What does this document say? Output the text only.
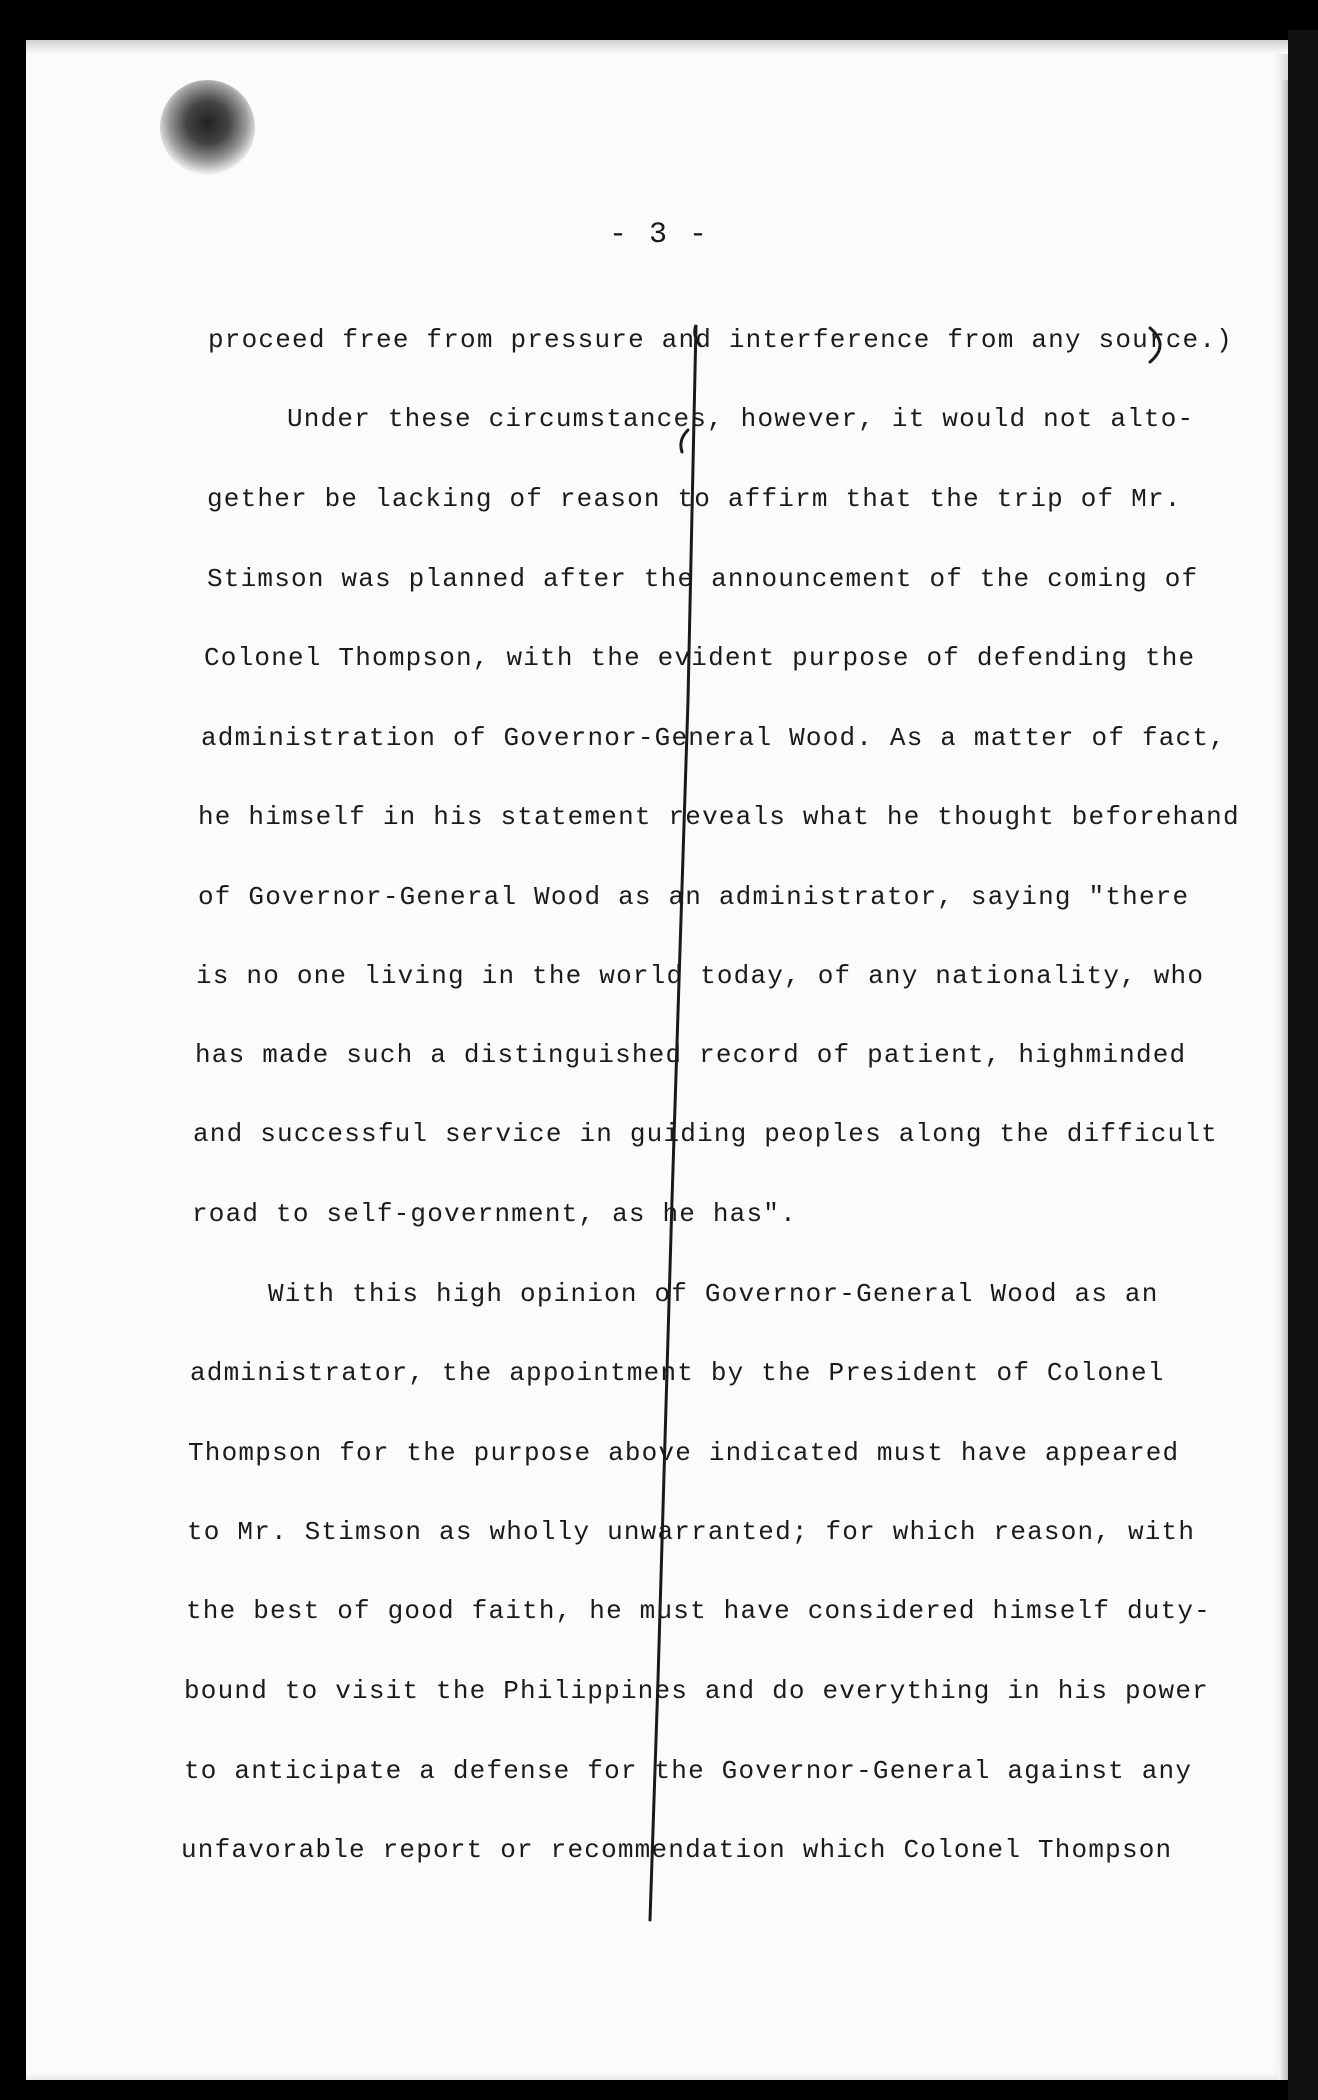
- 3 -
proceed free from pressure and interference from any source.)
Under these circumstances, however, it would not alto-
gether be lacking of reason to affirm that the trip of Mr.
Stimson was planned after the announcement of the coming of
Colonel Thompson, with the evident purpose of defending the
administration of Governor-General Wood. As a matter of fact,
he himself in his statement reveals what he thought beforehand
of Governor-General Wood as an administrator, saying "there
is no one living in the world today, of any nationality, who
has made such a distinguished record of patient, highminded
and successful service in guiding peoples along the difficult
road to self-government, as he has".
With this high opinion of Governor-General Wood as an
administrator, the appointment by the President of Colonel
Thompson for the purpose above indicated must have appeared
to Mr. Stimson as wholly unwarranted; for which reason, with
the best of good faith, he must have considered himself duty-
bound to visit the Philippines and do everything in his power
to anticipate a defense for the Governor-General against any
unfavorable report or recommendation which Colonel Thompson
